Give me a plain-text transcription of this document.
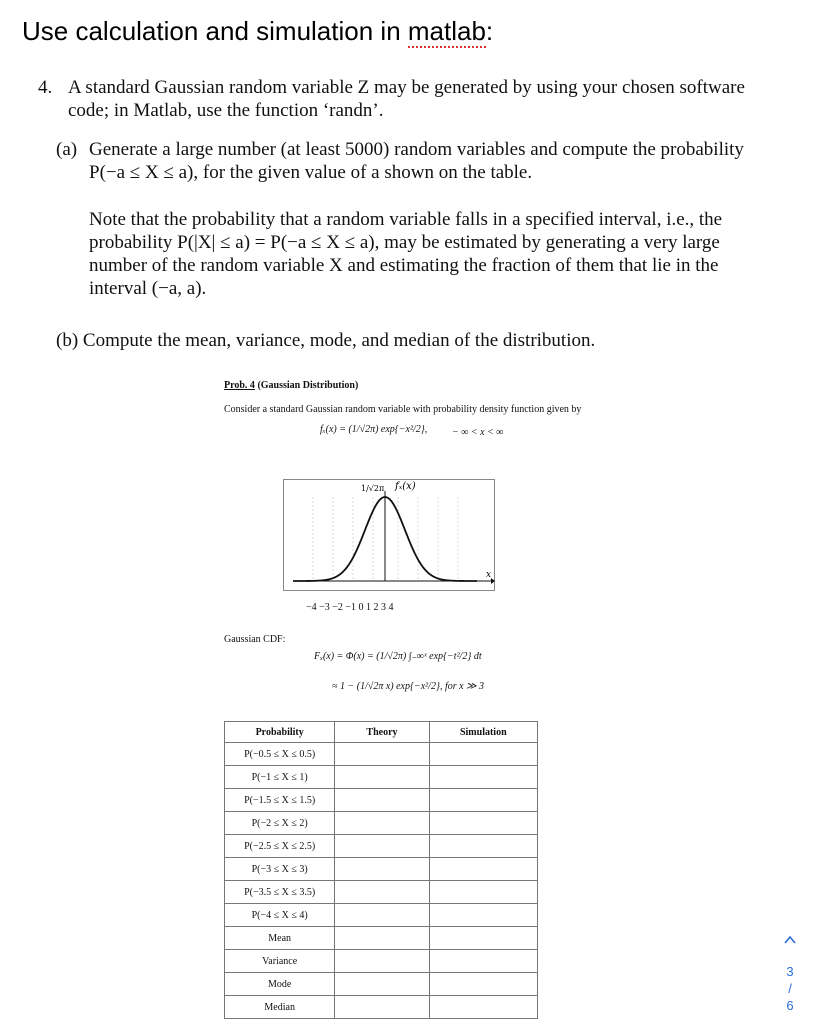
Use calculation and simulation in matlab:
4. A standard Gaussian random variable Z may be generated by using your chosen software code; in Matlab, use the function ‘randn’.
(a) Generate a large number (at least 5000) random variables and compute the probability P(−a ≤ X ≤ a), for the given value of a shown on the table.
Note that the probability that a random variable falls in a specified interval, i.e., the probability P(|X| ≤ a) = P(−a ≤ X ≤ a), may be estimated by generating a very large number of the random variable X and estimating the fraction of them that lie in the interval (−a, a).
(b) Compute the mean, variance, mode, and median of the distribution.
Prob. 4 (Gaussian Distribution)
Consider a standard Gaussian random variable with probability density function given by
fₓ(x) = (1/√2π) exp{−x²/2}, − ∞ < x < ∞
1/√2π fₓ(x)
x
−4 −3 −2 −1 0 1 2 3 4
Gaussian CDF:
Fₓ(x) = Φ(x) = (1/√2π) ∫₋∞ˣ exp{−t²/2} dt
≈ 1 − (1/√2π x) exp{−x²/2}, for x ≫ 3
Probability	Theory	Simulation
P(−0.5 ≤ X ≤ 0.5)		
P(−1 ≤ X ≤ 1)		
P(−1.5 ≤ X ≤ 1.5)		
P(−2 ≤ X ≤ 2)		
P(−2.5 ≤ X ≤ 2.5)		
P(−3 ≤ X ≤ 3)		
P(−3.5 ≤ X ≤ 3.5)		
P(−4 ≤ X ≤ 4)		
Mean		
Variance		
Mode		
Median		
3
/
6
